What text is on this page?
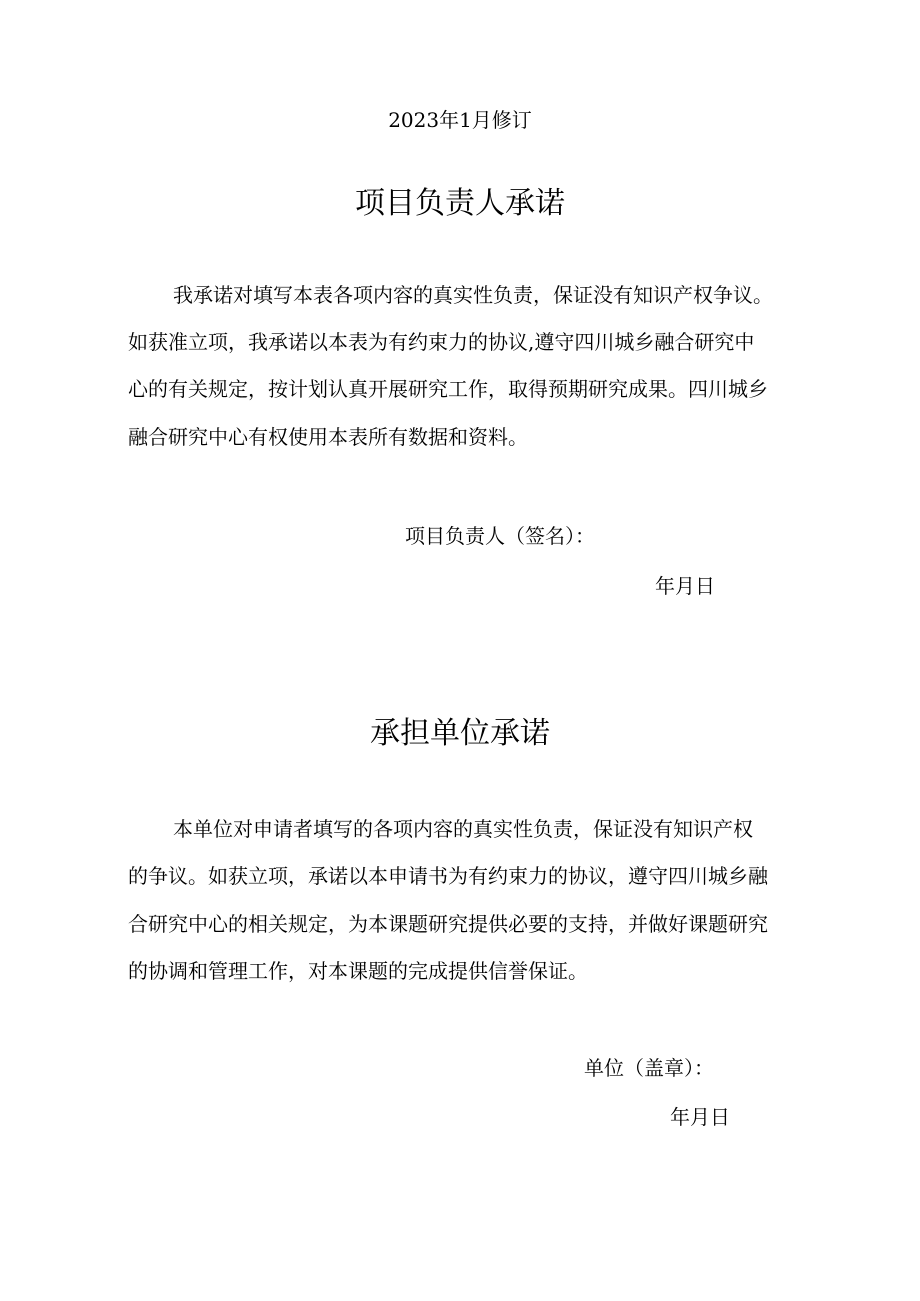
2023年1月修订
项目负责人承诺
我承诺对填写本表各项内容的真实性负责，保证没有知识产权争议。
如获准立项，我承诺以本表为有约束力的协议,遵守四川城乡融合研究中
心的有关规定，按计划认真开展研究工作，取得预期研究成果。四川城乡
融合研究中心有权使用本表所有数据和资料。
项目负责人（签名）：
年月日
承担单位承诺
本单位对申请者填写的各项内容的真实性负责，保证没有知识产权
的争议。如获立项，承诺以本申请书为有约束力的协议，遵守四川城乡融
合研究中心的相关规定，为本课题研究提供必要的支持，并做好课题研究
的协调和管理工作，对本课题的完成提供信誉保证。
单位（盖章）：
年月日
